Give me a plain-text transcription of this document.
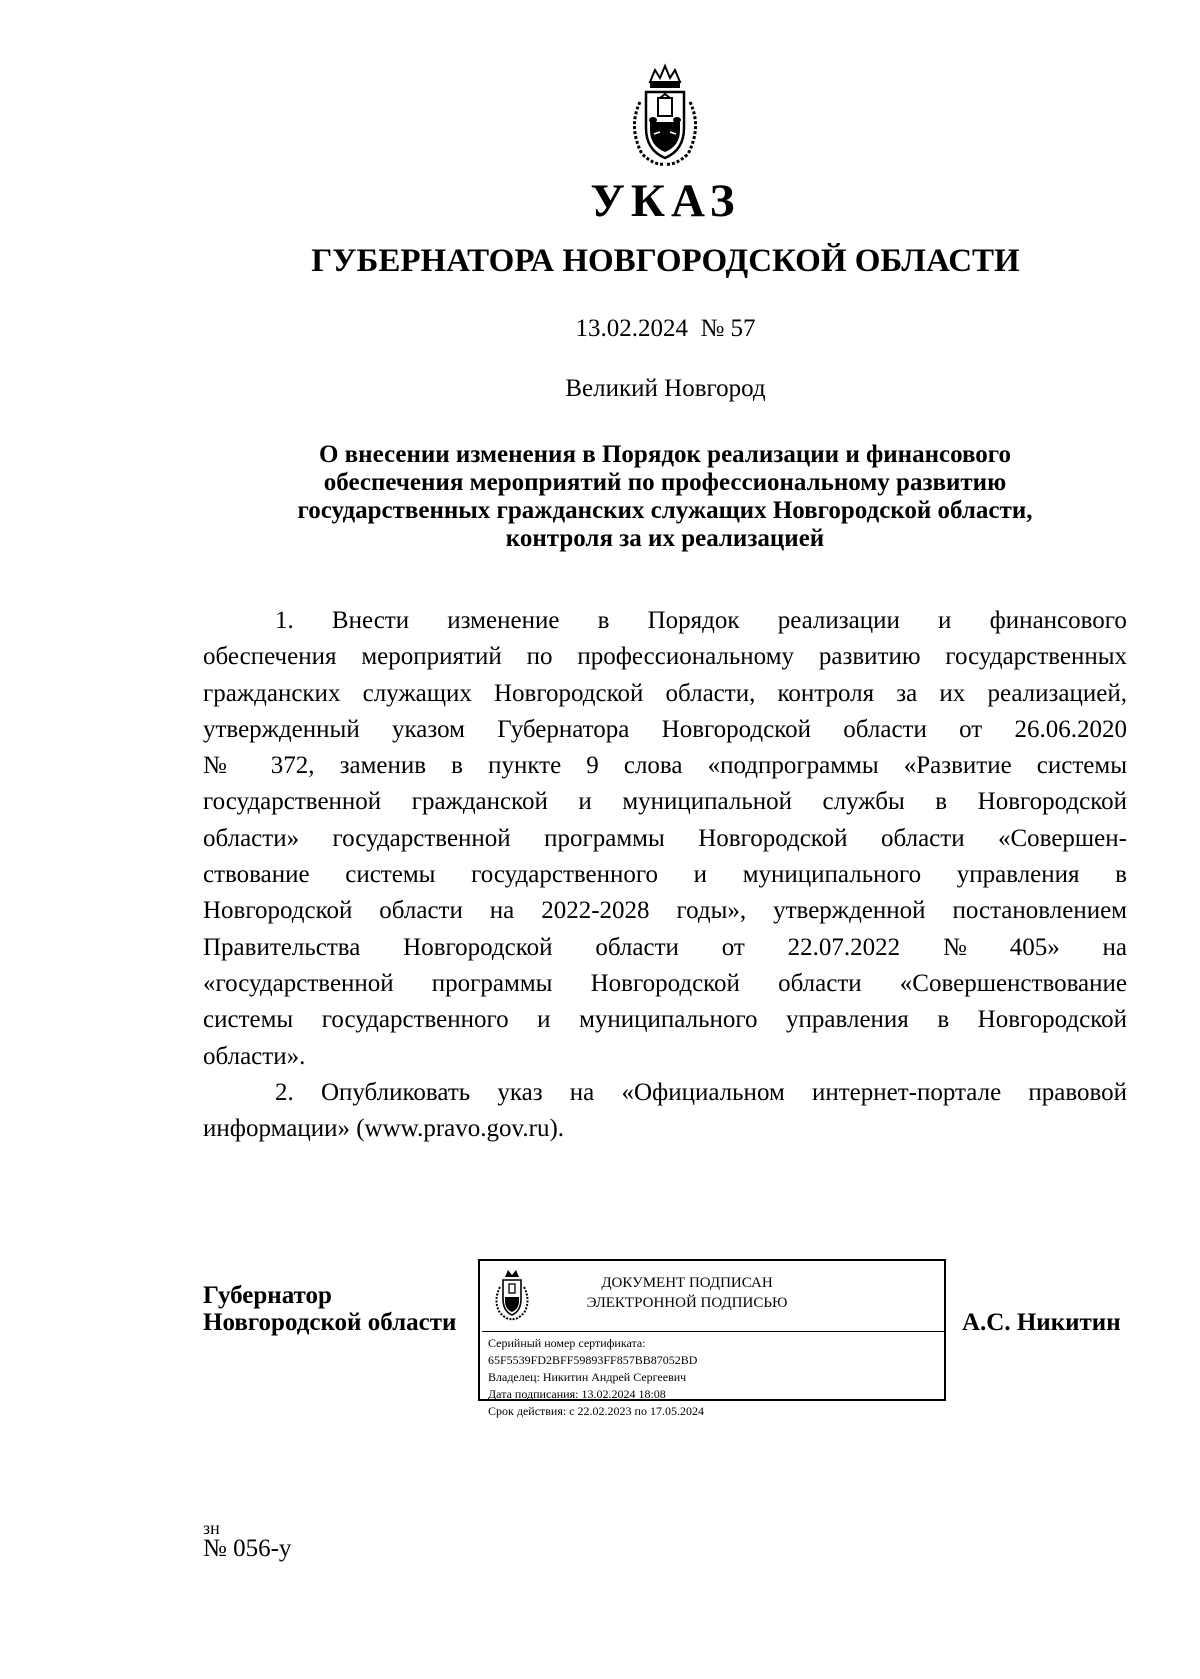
УКАЗ
ГУБЕРНАТОРА НОВГОРОДСКОЙ ОБЛАСТИ
13.02.2024 № 57
Великий Новгород
О внесении изменения в Порядок реализации и финансового
обеспечения мероприятий по профессиональному развитию
государственных гражданских служащих Новгородской области,
контроля за их реализацией
1. Внести изменение в Порядок реализации и финансового
обеспечения мероприятий по профессиональному развитию государственных
гражданских служащих Новгородской области, контроля за их реализацией,
утвержденный указом Губернатора Новгородской области от 26.06.2020
№ 372, заменив в пункте 9 слова «подпрограммы «Развитие системы
государственной гражданской и муниципальной службы в Новгородской
области» государственной программы Новгородской области «Совершен-
ствование системы государственного и муниципального управления в
Новгородской области на 2022-2028 годы», утвержденной постановлением
Правительства Новгородской области от 22.07.2022 № 405» на
«государственной программы Новгородской области «Совершенствование
системы государственного и муниципального управления в Новгородской
области».
2. Опубликовать указ на «Официальном интернет-портале правовой
информации» (www.pravo.gov.ru).
Губернатор
Новгородской области
ДОКУМЕНТ ПОДПИСАН
ЭЛЕКТРОННОЙ ПОДПИСЬЮ
Серийный номер сертификата:
65F5539FD2BFF59893FF857BB87052BD
Владелец: Никитин Андрей Сергеевич
Дата подписания: 13.02.2024 18:08
Срок действия: с 22.02.2023 по 17.05.2024
А.С. Никитин
зн
№ 056-у
